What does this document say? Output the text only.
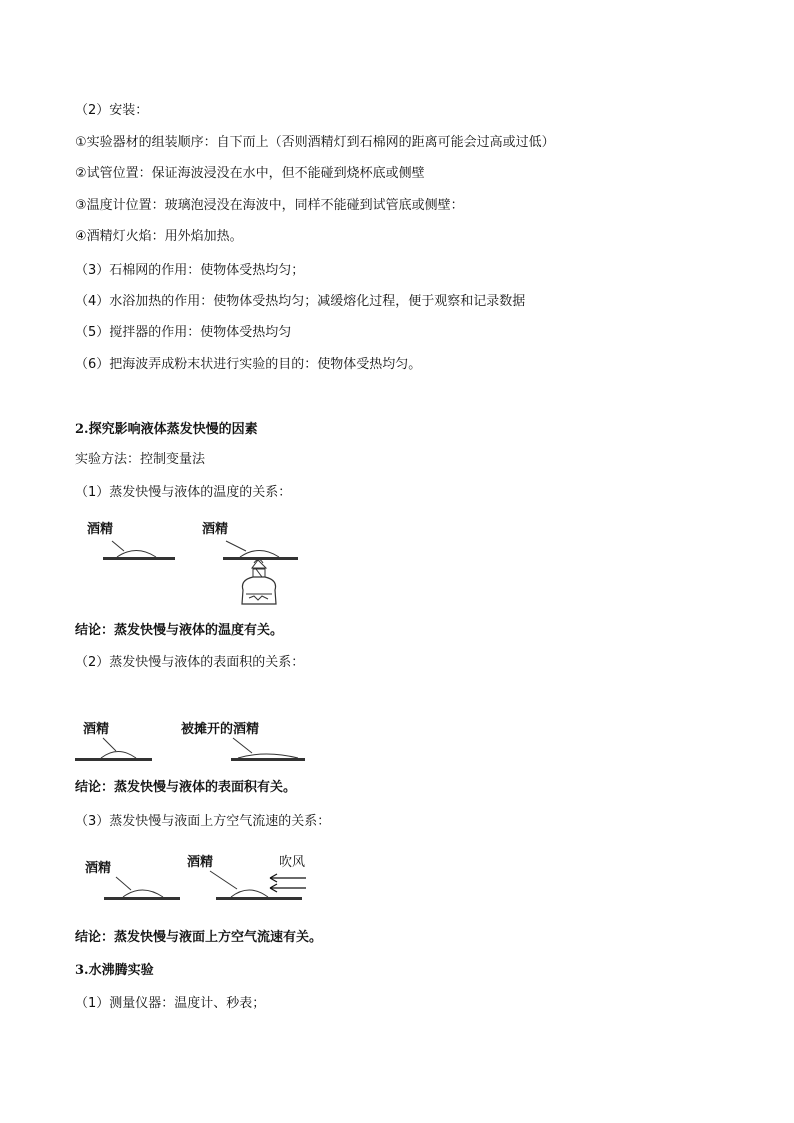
（2）安装：
①实验器材的组装顺序：自下而上（否则酒精灯到石棉网的距离可能会过高或过低）
②试管位置：保证海波浸没在水中，但不能碰到烧杯底或侧壁
③温度计位置：玻璃泡浸没在海波中，同样不能碰到试管底或侧壁：
④酒精灯火焰：用外焰加热。
（3）石棉网的作用：使物体受热均匀；
（4）水浴加热的作用：使物体受热均匀；减缓熔化过程，便于观察和记录数据
（5）搅拌器的作用：使物体受热均匀
（6）把海波弄成粉末状进行实验的目的：使物体受热均匀。
2.探究影响液体蒸发快慢的因素
实验方法：控制变量法
（1）蒸发快慢与液体的温度的关系：
酒精	酒精
结论：蒸发快慢与液体的温度有关。
（2）蒸发快慢与液体的表面积的关系：
酒精	被摊开的酒精
结论：蒸发快慢与液体的表面积有关。
（3）蒸发快慢与液面上方空气流速的关系：
酒精	酒精	吹风
结论：蒸发快慢与液面上方空气流速有关。
3.水沸腾实验
（1）测量仪器：温度计、秒表；
